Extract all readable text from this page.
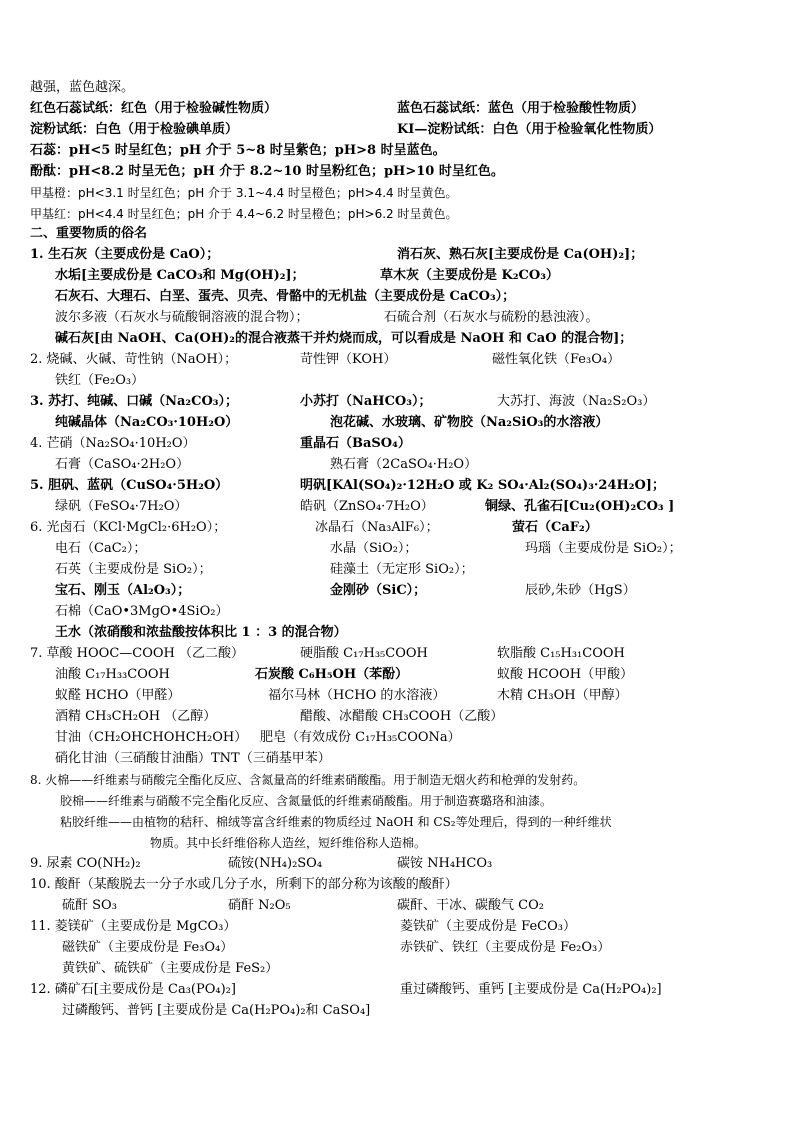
越强，蓝色越深。
红色石蕊试纸：红色（用于检验碱性物质）	蓝色石蕊试纸：蓝色（用于检验酸性物质）
淀粉试纸：白色（用于检验碘单质）	KI—淀粉试纸：白色（用于检验氧化性物质）
石蕊：pH<5 时呈红色；pH 介于 5~8 时呈紫色；pH>8 时呈蓝色。
酚酞：pH<8.2 时呈无色；pH 介于 8.2~10 时呈粉红色；pH>10 时呈红色。
甲基橙：pH<3.1 时呈红色；pH 介于 3.1~4.4 时呈橙色；pH>4.4 时呈黄色。
甲基红：pH<4.4 时呈红色；pH 介于 4.4~6.2 时呈橙色；pH>6.2 时呈黄色。
二、重要物质的俗名
1. 生石灰（主要成份是 CaO）；	消石灰、熟石灰[主要成份是 Ca(OH)₂]；
水垢[主要成份是 CaCO₃和 Mg(OH)₂]；	草木灰（主要成份是 K₂CO₃）
石灰石、大理石、白垩、蛋壳、贝壳、骨骼中的无机盐（主要成份是 CaCO₃）；
波尔多液（石灰水与硫酸铜溶液的混合物）；	石硫合剂（石灰水与硫粉的悬浊液）。
碱石灰[由 NaOH、Ca(OH)₂的混合液蒸干并灼烧而成，可以看成是 NaOH 和 CaO 的混合物]；
2. 烧碱、火碱、苛性钠（NaOH）；	苛性钾（KOH）	磁性氧化铁（Fe₃O₄）
铁红（Fe₂O₃）
3. 苏打、纯碱、口碱（Na₂CO₃）；	小苏打（NaHCO₃）；	大苏打、海波（Na₂S₂O₃）
纯碱晶体（Na₂CO₃·10H₂O）	泡花碱、水玻璃、矿物胶（Na₂SiO₃的水溶液）
4. 芒硝（Na₂SO₄·10H₂O）	重晶石（BaSO₄）
石膏（CaSO₄·2H₂O）	熟石膏（2CaSO₄·H₂O）
5. 胆矾、蓝矾（CuSO₄·5H₂O）	明矾[KAl(SO₄)₂·12H₂O 或 K₂ SO₄·Al₂(SO₄)₃·24H₂O]；
绿矾（FeSO₄·7H₂O）	皓矾（ZnSO₄·7H₂O）	铜绿、孔雀石[Cu₂(OH)₂CO₃ ]
6. 光卤石（KCl·MgCl₂·6H₂O）；	冰晶石（Na₃AlF₆）；	萤石（CaF₂）
电石（CaC₂）；	水晶（SiO₂）；	玛瑙（主要成份是 SiO₂）；
石英（主要成份是 SiO₂）；	硅藻土（无定形 SiO₂）；
宝石、刚玉（Al₂O₃）；	金刚砂（SiC）；	辰砂,朱砂（HgS）
石棉（CaO•3MgO•4SiO₂）
王水（浓硝酸和浓盐酸按体积比 1 ：3 的混合物）
7. 草酸 HOOC—COOH （乙二酸）	硬脂酸 C₁₇H₃₅COOH	软脂酸 C₁₅H₃₁COOH
油酸 C₁₇H₃₃COOH	石炭酸 C₆H₅OH（苯酚）	蚁酸 HCOOH（甲酸）
蚁醛 HCHO（甲醛）	福尔马林（HCHO 的水溶液）	木精 CH₃OH（甲醇）
酒精 CH₃CH₂OH （乙醇）	醋酸、冰醋酸 CH₃COOH（乙酸）
甘油（CH₂OHCHOHCH₂OH） 肥皂（有效成份 C₁₇H₃₅COONa）
硝化甘油（三硝酸甘油酯）TNT（三硝基甲苯）
8. 火棉——纤维素与硝酸完全酯化反应、含氮量高的纤维素硝酸酯。用于制造无烟火药和枪弹的发射药。
胶棉——纤维素与硝酸不完全酯化反应、含氮量低的纤维素硝酸酯。用于制造赛璐珞和油漆。
粘胶纤维——由植物的秸秆、棉绒等富含纤维素的物质经过 NaOH 和 CS₂等处理后，得到的一种纤维状
物质。其中长纤维俗称人造丝，短纤维俗称人造棉。
9. 尿素 CO(NH₂)₂	硫铵(NH₄)₂SO₄	碳铵 NH₄HCO₃
10. 酸酐（某酸脱去一分子水或几分子水，所剩下的部分称为该酸的酸酐）
硫酐 SO₃	硝酐 N₂O₅	碳酐、干冰、碳酸气 CO₂
11. 菱镁矿（主要成份是 MgCO₃）	菱铁矿（主要成份是 FeCO₃）
磁铁矿（主要成份是 Fe₃O₄）	赤铁矿、铁红（主要成份是 Fe₂O₃）
黄铁矿、硫铁矿（主要成份是 FeS₂）
12. 磷矿石[主要成份是 Ca₃(PO₄)₂]	重过磷酸钙、重钙 [主要成份是 Ca(H₂PO₄)₂]
过磷酸钙、普钙 [主要成份是 Ca(H₂PO₄)₂和 CaSO₄]
